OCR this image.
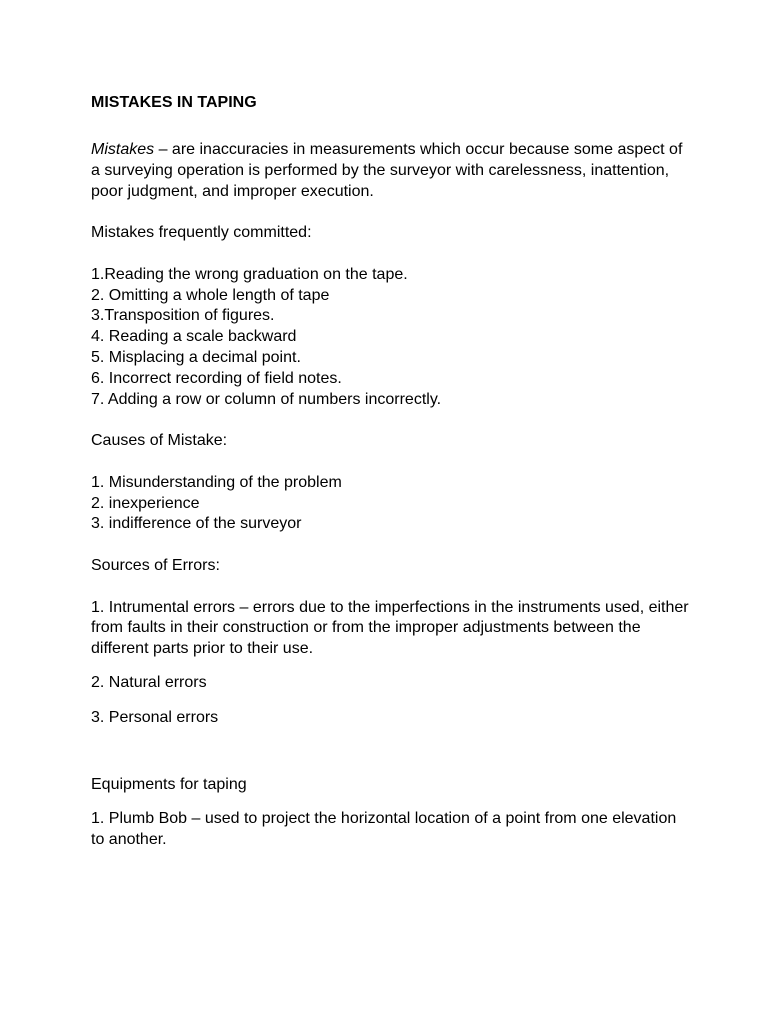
MISTAKES IN TAPING

Mistakes – are inaccuracies in measurements which occur because some aspect of a surveying operation is performed by the surveyor with carelessness, inattention, poor judgment, and improper execution.

Mistakes frequently committed:

1.Reading the wrong graduation on the tape.
2. Omitting a whole length of tape
3.Transposition of figures.
4. Reading a scale backward
5. Misplacing a decimal point.
6. Incorrect recording of field notes.
7. Adding a row or column of numbers incorrectly.

Causes of Mistake:

1. Misunderstanding of the problem
2. inexperience
3. indifference of the surveyor

Sources of Errors:

1. Intrumental errors – errors due to the imperfections in the instruments used, either from faults in their construction or from the improper adjustments between the different parts prior to their use.

2. Natural errors

3. Personal errors

Equipments for taping

1. Plumb Bob – used to project the horizontal location of a point from one elevation to another.
